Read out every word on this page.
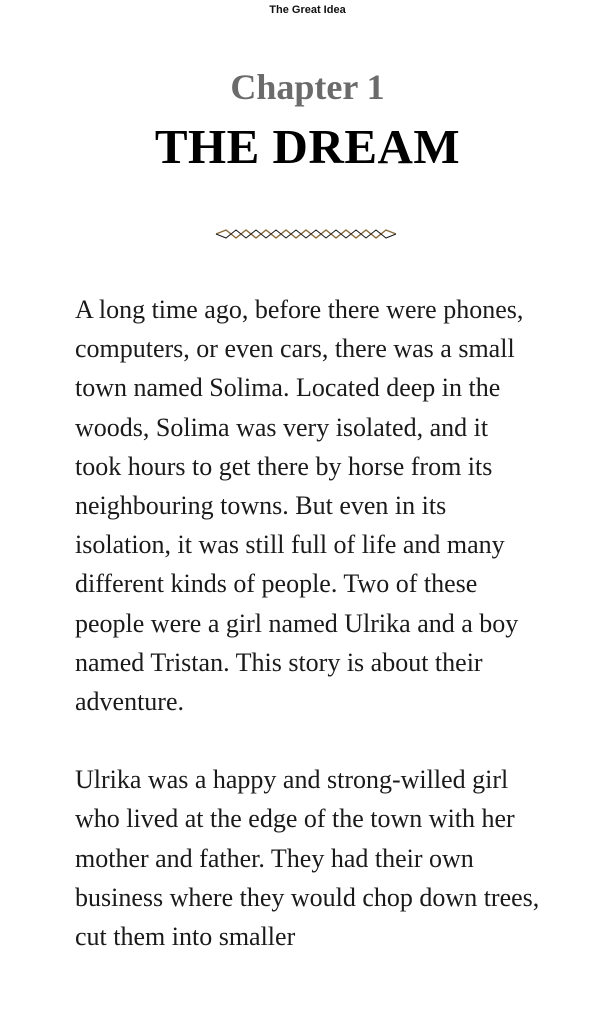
The Great Idea
Chapter 1
THE DREAM

A long time ago, before there were phones, computers, or even cars, there was a small town named Solima. Located deep in the woods, Solima was very isolated, and it took hours to get there by horse from its neighbouring towns. But even in its isolation, it was still full of life and many different kinds of people. Two of these people were a girl named Ulrika and a boy named Tristan. This story is about their adventure.

Ulrika was a happy and strong-willed girl who lived at the edge of the town with her mother and father. They had their own business where they would chop down trees, cut them into smaller
